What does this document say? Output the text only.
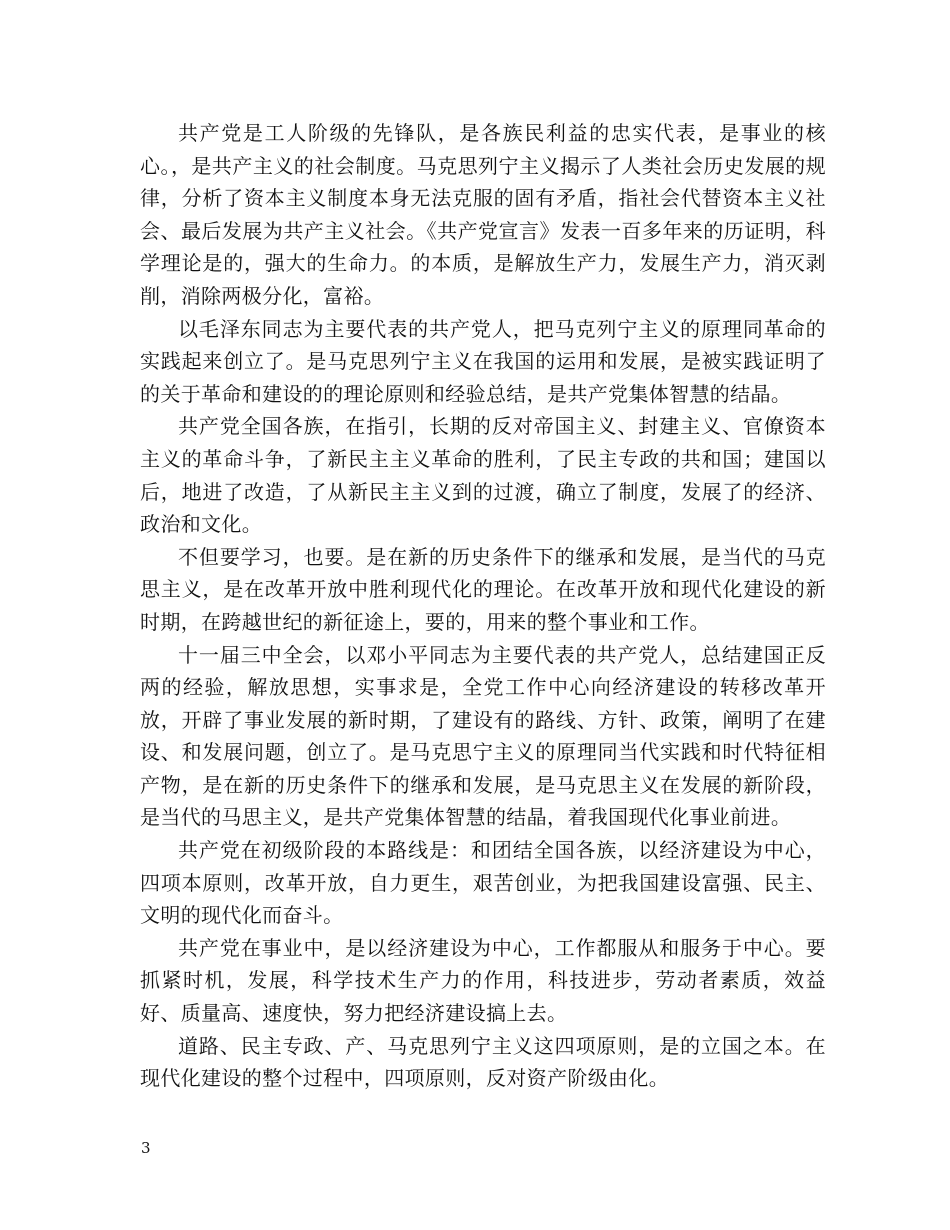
共产党是工人阶级的先锋队，是各族民利益的忠实代表，是事业的核心。，是共产主义的社会制度。马克思列宁主义揭示了人类社会历史发展的规律，分析了资本主义制度本身无法克服的固有矛盾，指社会代替资本主义社会、最后发展为共产主义社会。《共产党宣言》发表一百多年来的历证明，科学理论是的，强大的生命力。的本质，是解放生产力，发展生产力，消灭剥削，消除两极分化，富裕。

以毛泽东同志为主要代表的共产党人，把马克列宁主义的原理同革命的实践起来创立了。是马克思列宁主义在我国的运用和发展，是被实践证明了的关于革命和建设的的理论原则和经验总结，是共产党集体智慧的结晶。

共产党全国各族，在指引，长期的反对帝国主义、封建主义、官僚资本主义的革命斗争，了新民主主义革命的胜利，了民主专政的共和国；建国以后，地进了改造，了从新民主主义到的过渡，确立了制度，发展了的经济、政治和文化。

不但要学习，也要。是在新的历史条件下的继承和发展，是当代的马克思主义，是在改革开放中胜利现代化的理论。在改革开放和现代化建设的新时期，在跨越世纪的新征途上，要的，用来的整个事业和工作。

十一届三中全会，以邓小平同志为主要代表的共产党人，总结建国正反两的经验，解放思想，实事求是，全党工作中心向经济建设的转移改革开放，开辟了事业发展的新时期，了建设有的路线、方针、政策，阐明了在建设、和发展问题，创立了。是马克思宁主义的原理同当代实践和时代特征相产物，是在新的历史条件下的继承和发展，是马克思主义在发展的新阶段，是当代的马思主义，是共产党集体智慧的结晶，着我国现代化事业前进。

共产党在初级阶段的本路线是：和团结全国各族，以经济建设为中心，四项本原则，改革开放，自力更生，艰苦创业，为把我国建设富强、民主、文明的现代化而奋斗。

共产党在事业中，是以经济建设为中心，工作都服从和服务于中心。要抓紧时机，发展，科学技术生产力的作用，科技进步，劳动者素质，效益好、质量高、速度快，努力把经济建设搞上去。

道路、民主专政、产、马克思列宁主义这四项原则，是的立国之本。在现代化建设的整个过程中，四项原则，反对资产阶级由化。

3
